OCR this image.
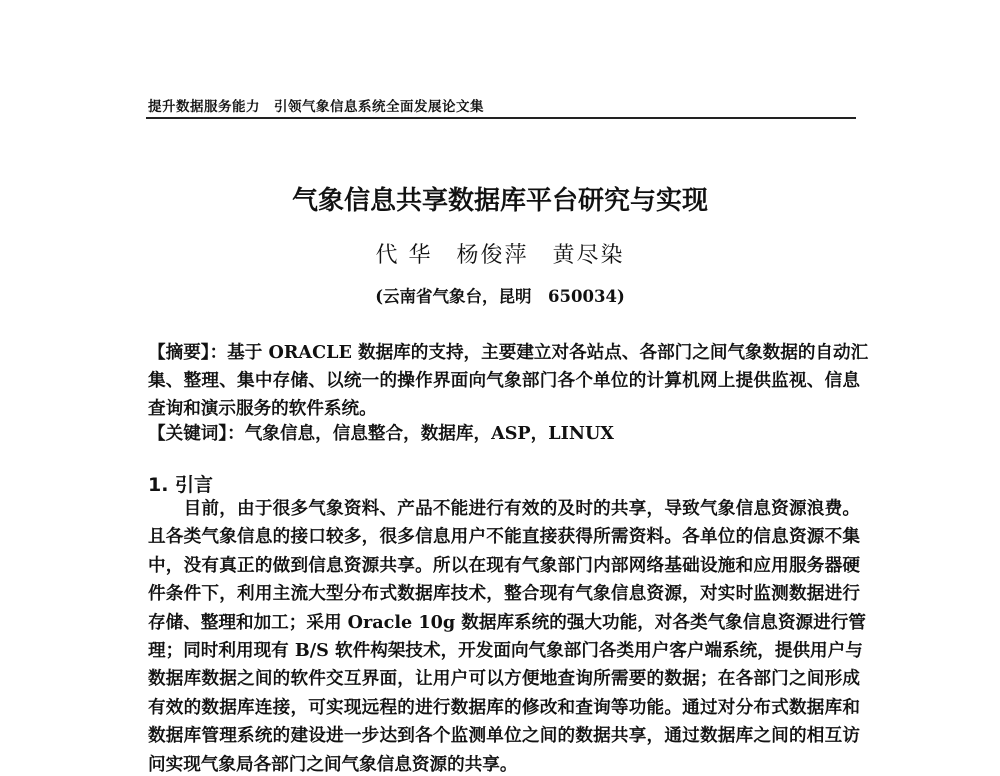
提升数据服务能力　引领气象信息系统全面发展论文集
气象信息共享数据库平台研究与实现
代 华　杨俊萍　黄尽染
(云南省气象台，昆明　650034)
【摘要】：基于 ORACLE 数据库的支持，主要建立对各站点、各部门之间气象数据的自动汇
集、整理、集中存储、以统一的操作界面向气象部门各个单位的计算机网上提供监视、信息
查询和演示服务的软件系统。
【关键词】：气象信息，信息整合，数据库，ASP，LINUX
1. 引言
　　目前，由于很多气象资料、产品不能进行有效的及时的共享，导致气象信息资源浪费。
且各类气象信息的接口较多，很多信息用户不能直接获得所需资料。各单位的信息资源不集
中，没有真正的做到信息资源共享。所以在现有气象部门内部网络基础设施和应用服务器硬
件条件下，利用主流大型分布式数据库技术，整合现有气象信息资源，对实时监测数据进行
存储、整理和加工；采用 Oracle 10g 数据库系统的强大功能，对各类气象信息资源进行管
理；同时利用现有 B/S 软件构架技术，开发面向气象部门各类用户客户端系统，提供用户与
数据库数据之间的软件交互界面，让用户可以方便地查询所需要的数据；在各部门之间形成
有效的数据库连接，可实现远程的进行数据库的修改和查询等功能。通过对分布式数据库和
数据库管理系统的建设进一步达到各个监测单位之间的数据共享，通过数据库之间的相互访
问实现气象局各部门之间气象信息资源的共享。
